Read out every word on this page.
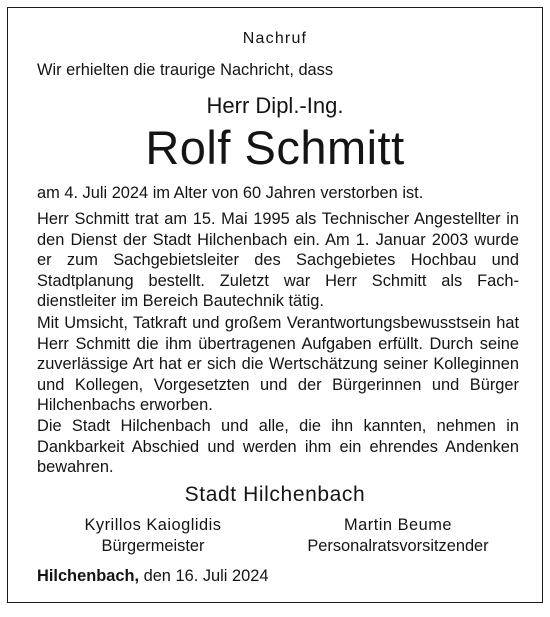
Nachruf
Wir erhielten die traurige Nachricht, dass
Herr Dipl.-Ing.
Rolf Schmitt
am 4. Juli 2024 im Alter von 60 Jahren verstorben ist.

Herr Schmitt trat am 15. Mai 1995 als Technischer Angestellter in den Dienst der Stadt Hilchenbach ein. Am 1. Januar 2003 wurde er zum Sachgebietsleiter des Sachgebietes Hochbau und Stadtplanung bestellt. Zuletzt war Herr Schmitt als Fachdienstleiter im Bereich Bautechnik tätig.

Mit Umsicht, Tatkraft und großem Verantwortungsbewusstsein hat Herr Schmitt die ihm übertragenen Aufgaben erfüllt. Durch seine zuverlässige Art hat er sich die Wertschätzung seiner Kolleginnen und Kollegen, Vorgesetzten und der Bürgerinnen und Bürger Hilchenbachs erworben.

Die Stadt Hilchenbach und alle, die ihn kannten, nehmen in Dankbarkeit Abschied und werden ihm ein ehrendes Andenken bewahren.

Stadt Hilchenbach
Kyrillos Kaioglidis
Bürgermeister
Martin Beume
Personalratsvorsitzender
Hilchenbach, den 16. Juli 2024
